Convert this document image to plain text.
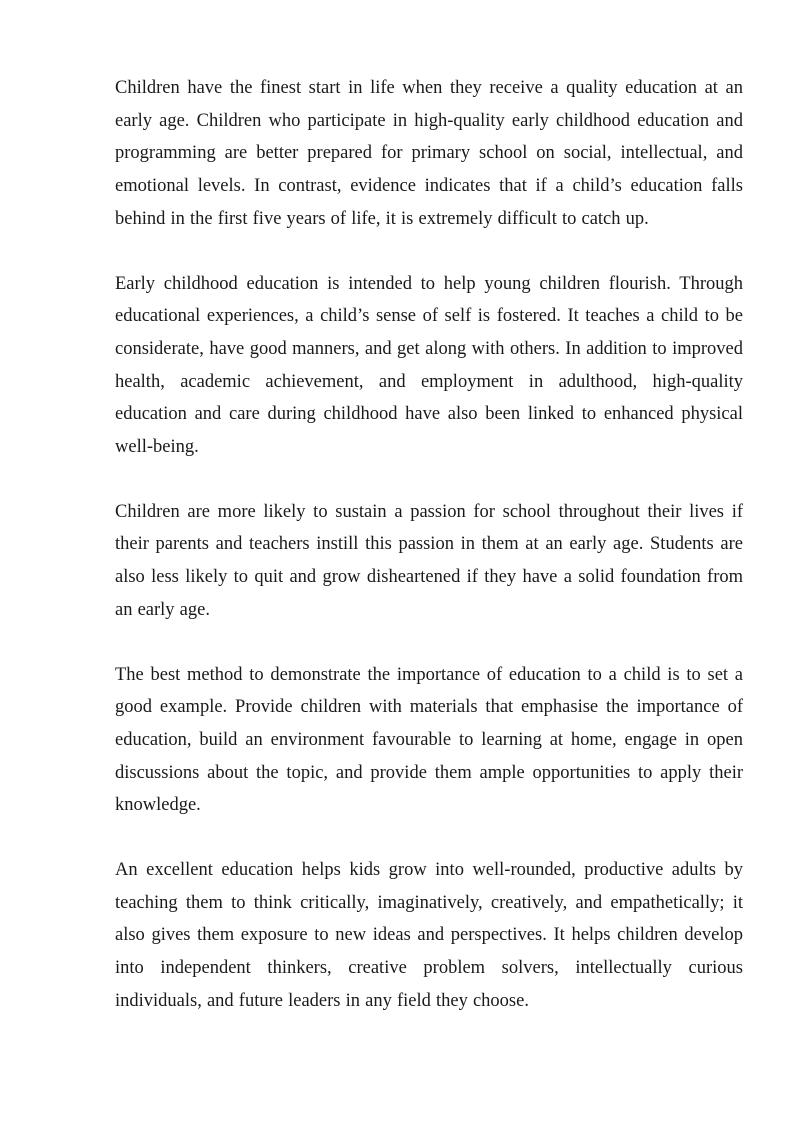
Children have the finest start in life when they receive a quality education at an early age. Children who participate in high-quality early childhood education and programming are better prepared for primary school on social, intellectual, and emotional levels. In contrast, evidence indicates that if a child’s education falls behind in the first five years of life, it is extremely difficult to catch up.

Early childhood education is intended to help young children flourish. Through educational experiences, a child’s sense of self is fostered. It teaches a child to be considerate, have good manners, and get along with others. In addition to improved health, academic achievement, and employment in adulthood, high-quality education and care during childhood have also been linked to enhanced physical well-being.

Children are more likely to sustain a passion for school throughout their lives if their parents and teachers instill this passion in them at an early age. Students are also less likely to quit and grow disheartened if they have a solid foundation from an early age.

The best method to demonstrate the importance of education to a child is to set a good example. Provide children with materials that emphasise the importance of education, build an environment favourable to learning at home, engage in open discussions about the topic, and provide them ample opportunities to apply their knowledge.

An excellent education helps kids grow into well-rounded, productive adults by teaching them to think critically, imaginatively, creatively, and empathetically; it also gives them exposure to new ideas and perspectives. It helps children develop into independent thinkers, creative problem solvers, intellectually curious individuals, and future leaders in any field they choose.
